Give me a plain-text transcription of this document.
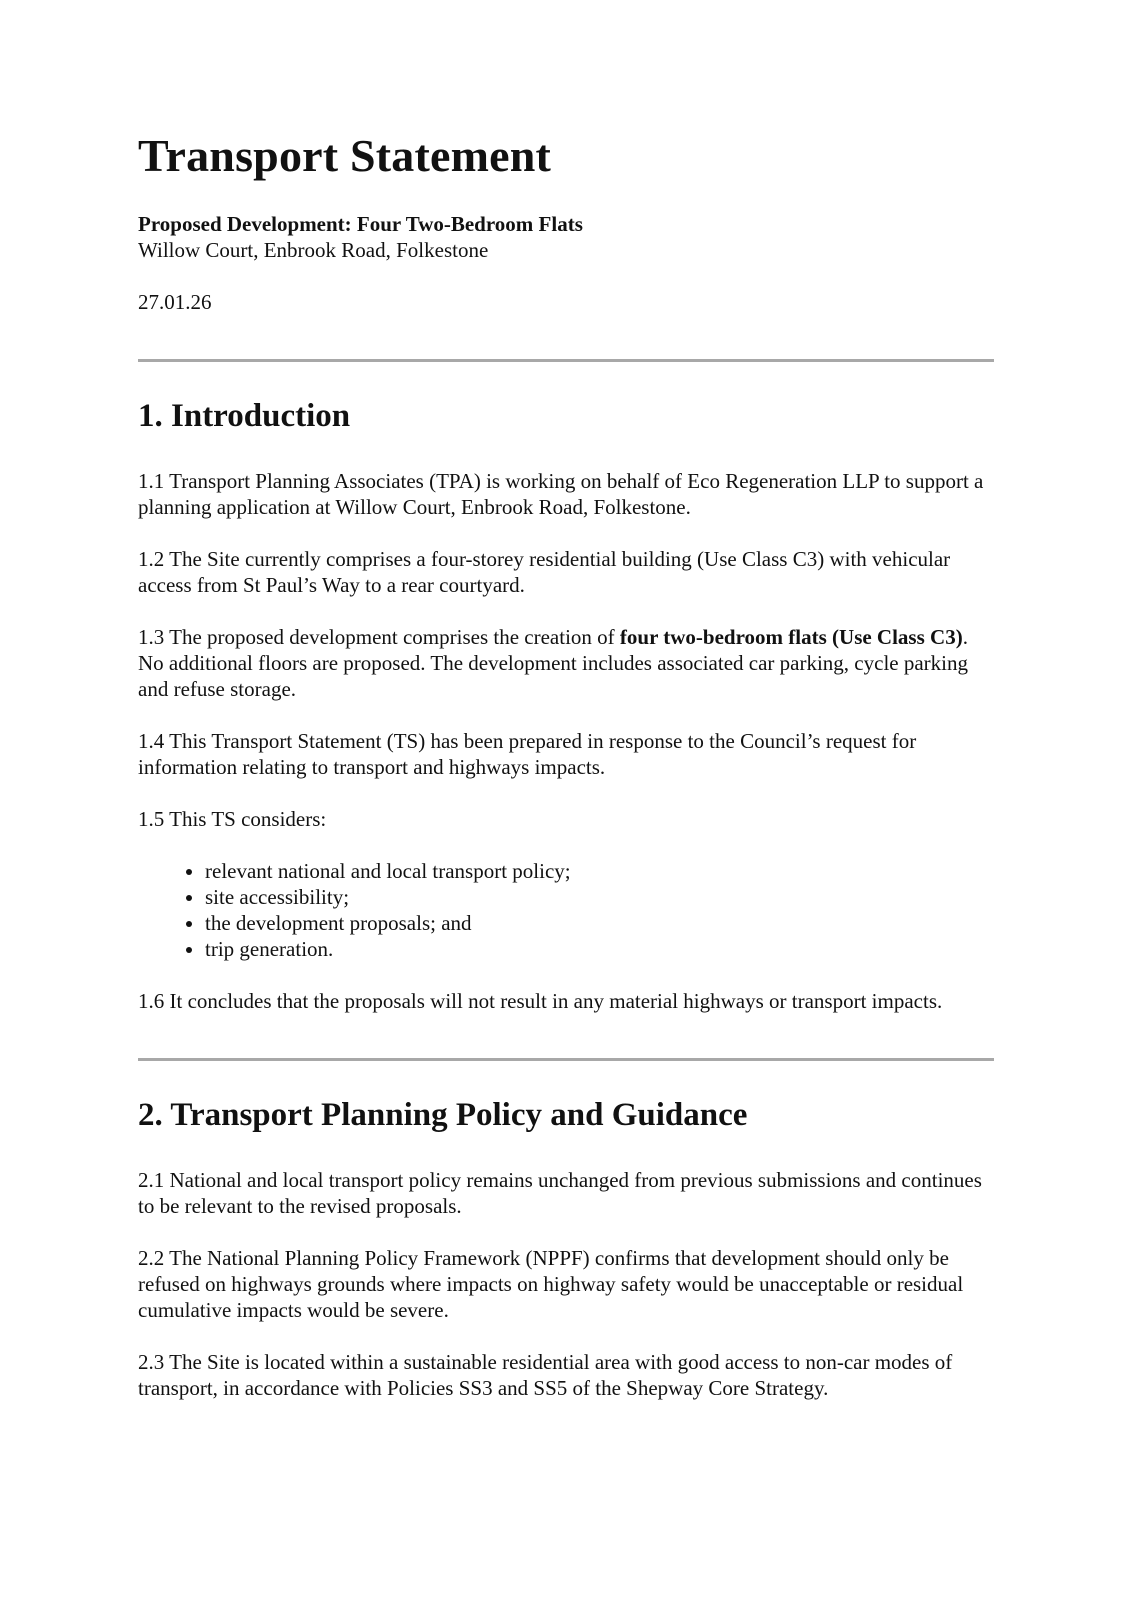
Transport Statement
Proposed Development: Four Two-Bedroom Flats
Willow Court, Enbrook Road, Folkestone
27.01.26
1. Introduction

1.1 Transport Planning Associates (TPA) is working on behalf of Eco Regeneration LLP to support a planning application at Willow Court, Enbrook Road, Folkestone.

1.2 The Site currently comprises a four-storey residential building (Use Class C3) with vehicular access from St Paul’s Way to a rear courtyard.

1.3 The proposed development comprises the creation of four two-bedroom flats (Use Class C3). No additional floors are proposed. The development includes associated car parking, cycle parking and refuse storage.

1.4 This Transport Statement (TS) has been prepared in response to the Council’s request for information relating to transport and highways impacts.

1.5 This TS considers:

• relevant national and local transport policy;
• site accessibility;
• the development proposals; and
• trip generation.

1.6 It concludes that the proposals will not result in any material highways or transport impacts.

2. Transport Planning Policy and Guidance

2.1 National and local transport policy remains unchanged from previous submissions and continues to be relevant to the revised proposals.

2.2 The National Planning Policy Framework (NPPF) confirms that development should only be refused on highways grounds where impacts on highway safety would be unacceptable or residual cumulative impacts would be severe.

2.3 The Site is located within a sustainable residential area with good access to non-car modes of transport, in accordance with Policies SS3 and SS5 of the Shepway Core Strategy.
